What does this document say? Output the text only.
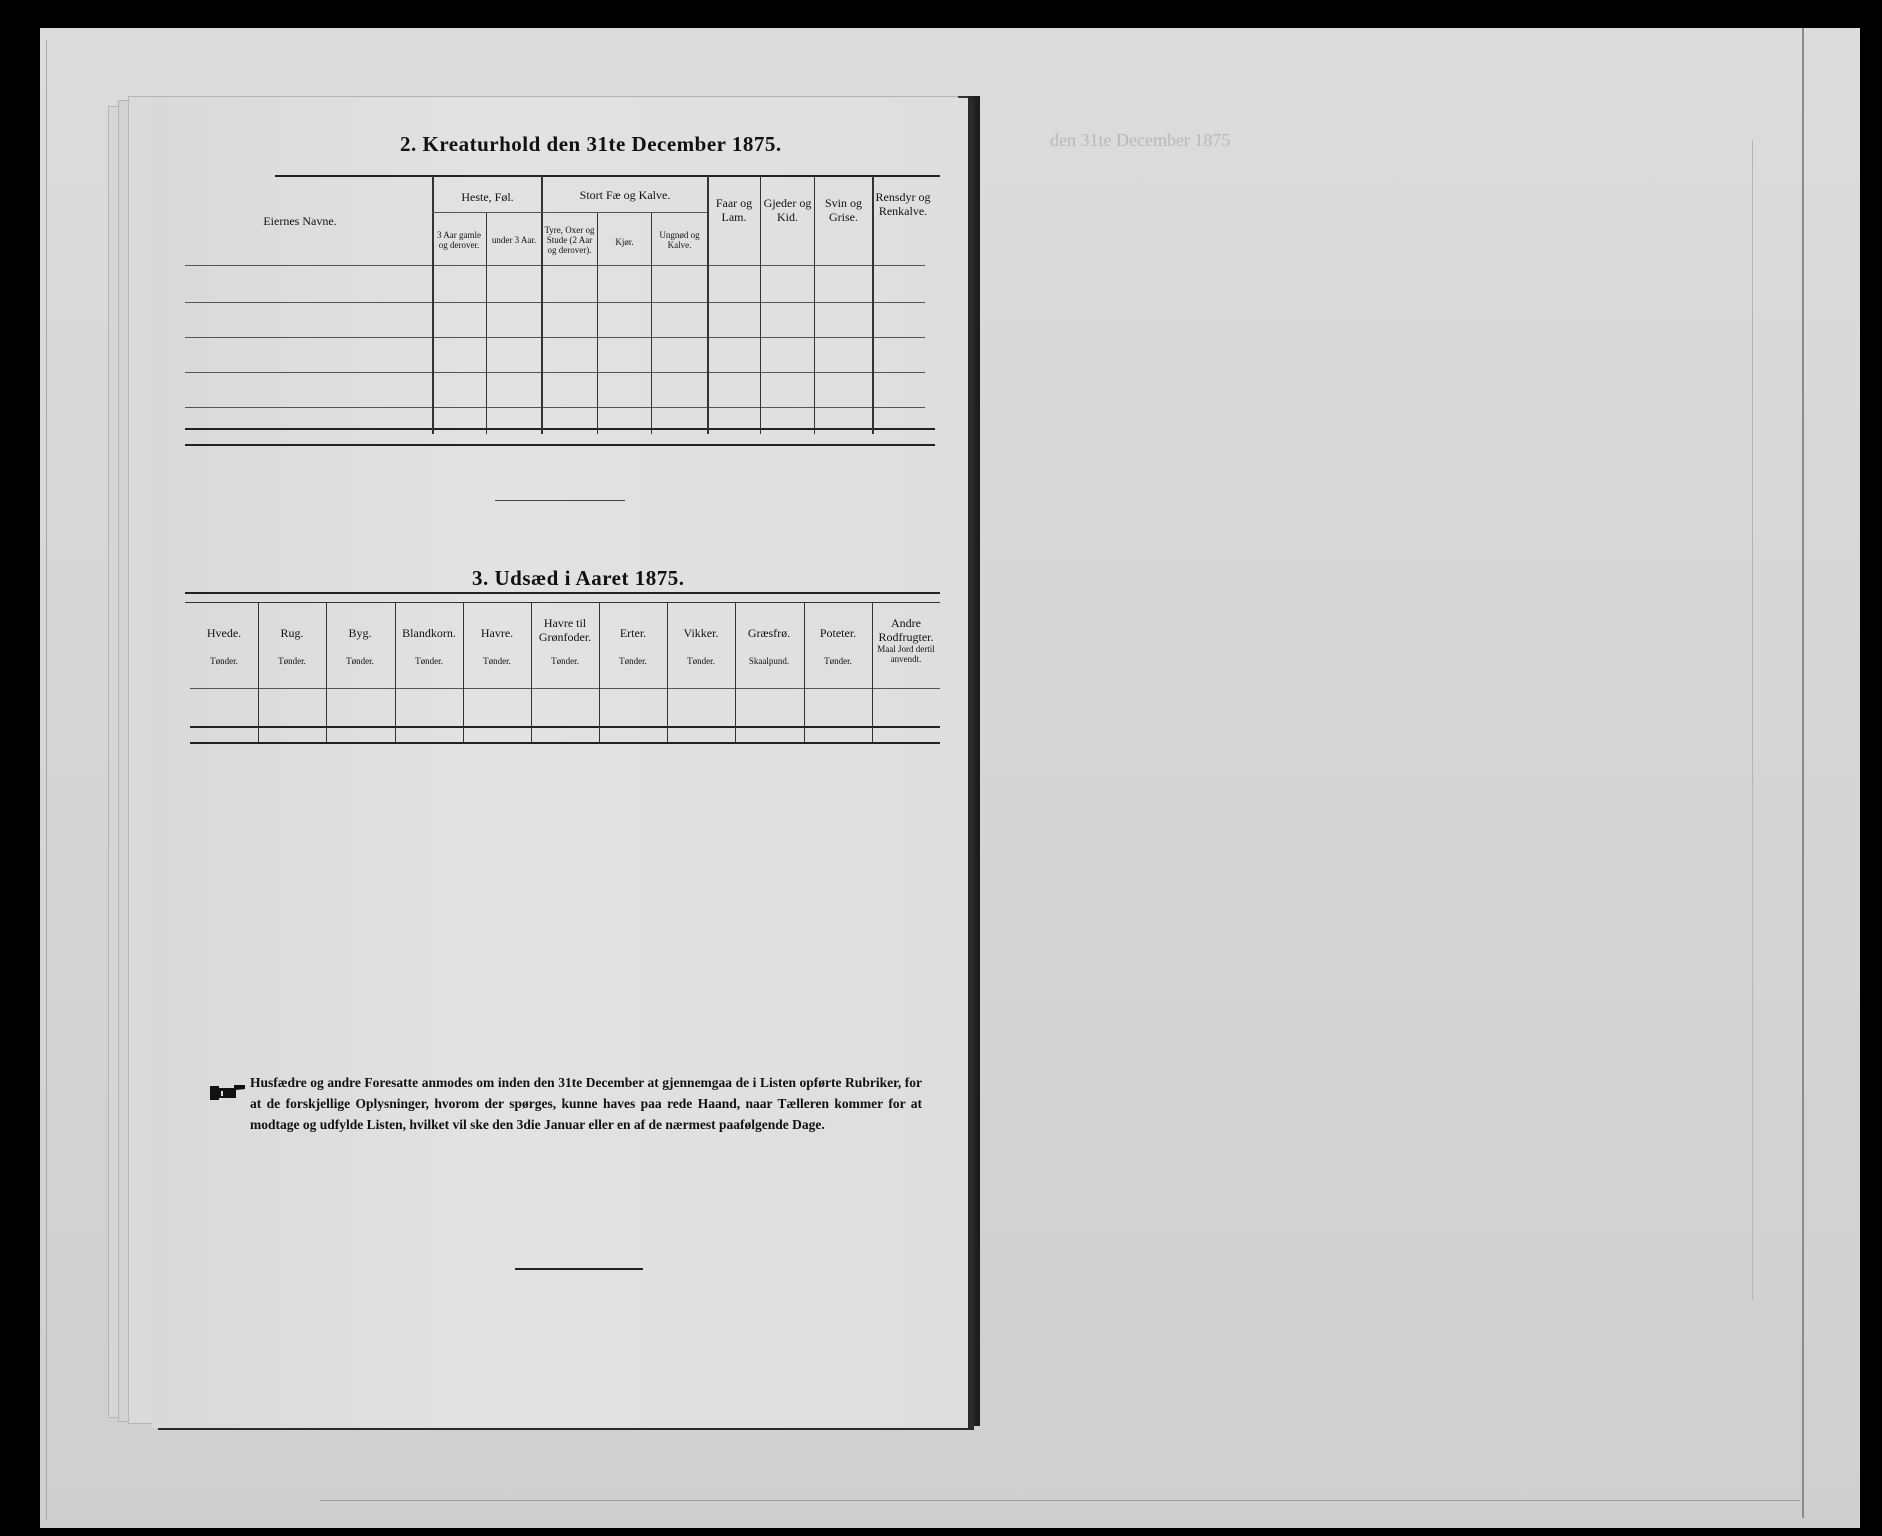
den 31te December 1875
2. Kreaturhold den 31te December 1875.
Eiernes Navne.
Heste, Føl.
3 Aar gamle og derover.	under 3 Aar.
Stort Fæ og Kalve.
Tyre, Oxer og Stude (2 Aar og derover).
Kjør.
Ungnød og Kalve.
Faar og Lam.
Gjeder og Kid.
Svin og Grise.
Rensdyr og Renkalve.
3. Udsæd i Aaret 1875.
Hvede.
Tønder.
Rug.
Tønder.
Byg.
Tønder.
Blandkorn.
Tønder.
Havre.
Tønder.
Havre til Grønfoder.
Tønder.
Erter.
Tønder.
Vikker.
Tønder.
Græsfrø.
Skaalpund.
Poteter.
Tønder.
Andre Rodfrugter.
Maal Jord dertil anvendt.
Husfædre og andre Foresatte anmodes om inden den 31te December at gjennemgaa de i Listen opførte Rubriker, for at de forskjellige Oplysninger, hvorom der spørges, kunne haves paa rede Haand, naar Tælleren kommer for at modtage og udfylde Listen, hvilket vil ske den 3die Januar eller en af de nærmest paafølgende Dage.
